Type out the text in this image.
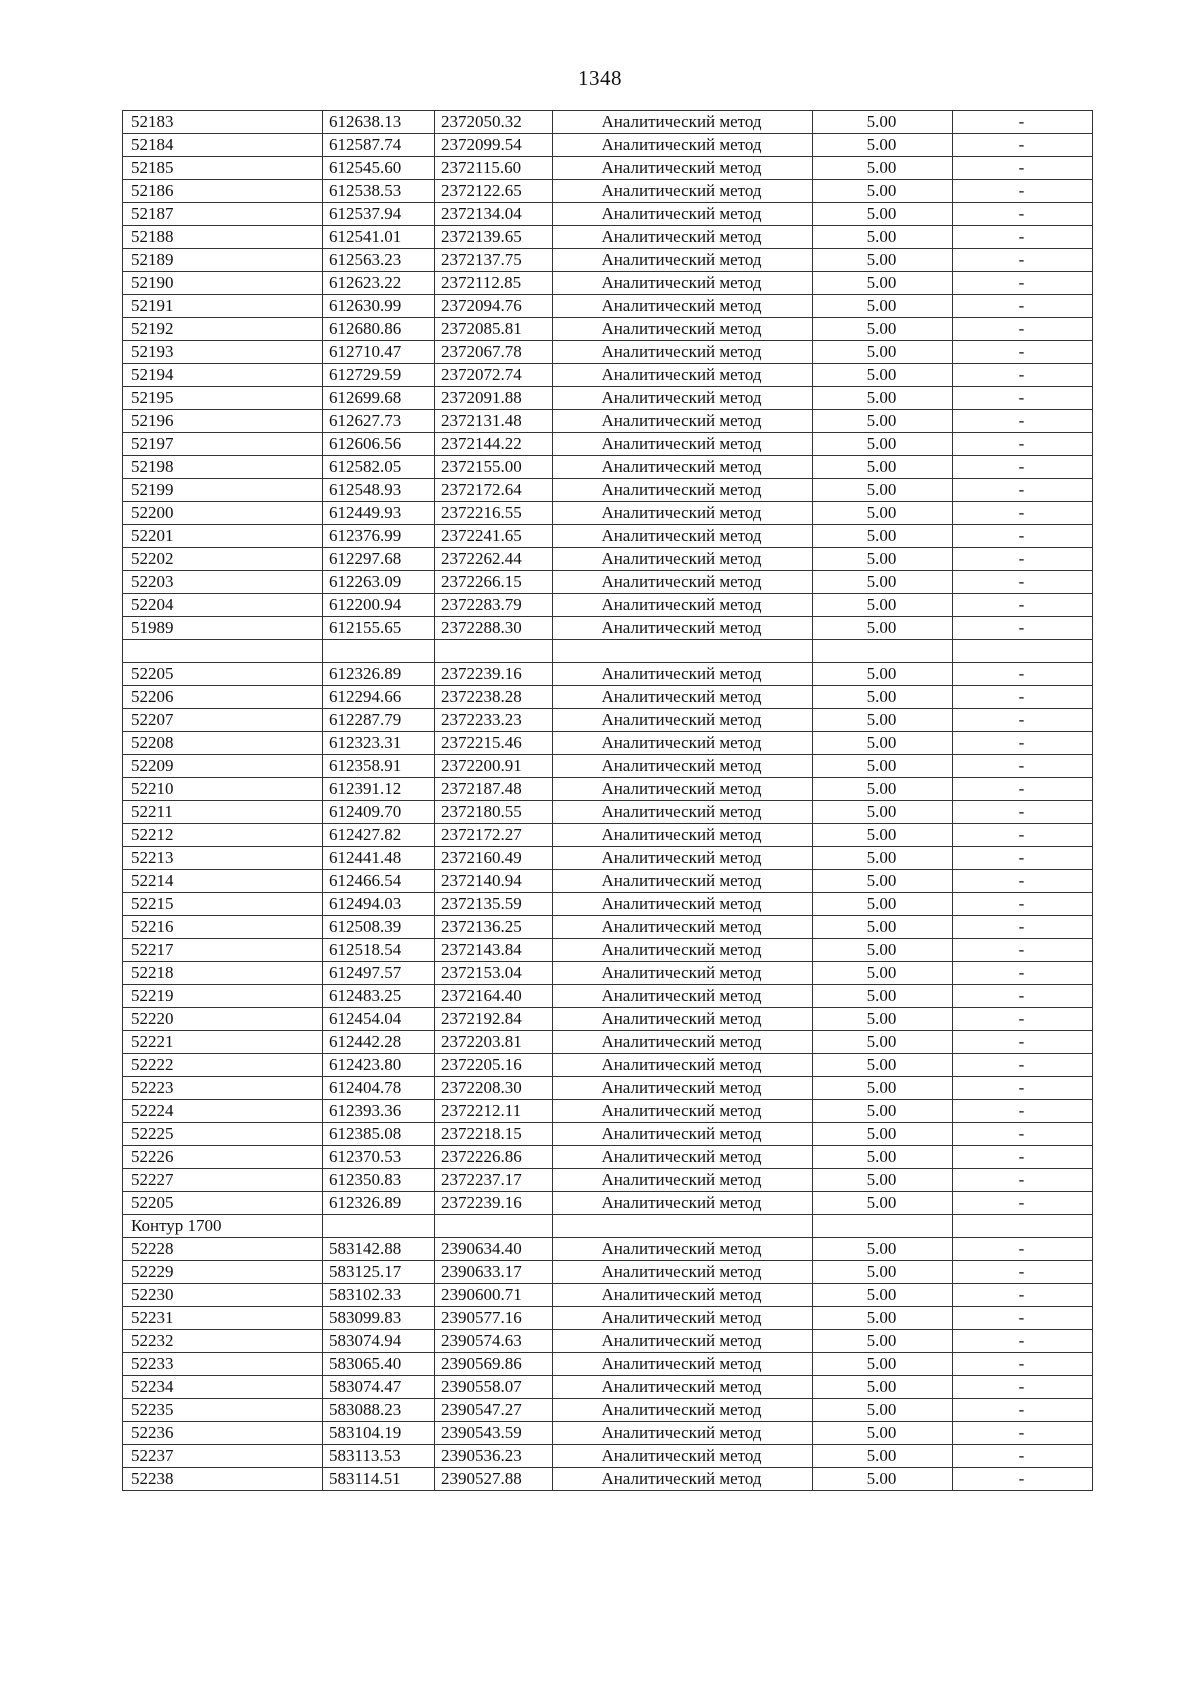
1348
52183	612638.13	2372050.32	Аналитический метод	5.00	-
52184	612587.74	2372099.54	Аналитический метод	5.00	-
52185	612545.60	2372115.60	Аналитический метод	5.00	-
52186	612538.53	2372122.65	Аналитический метод	5.00	-
52187	612537.94	2372134.04	Аналитический метод	5.00	-
52188	612541.01	2372139.65	Аналитический метод	5.00	-
52189	612563.23	2372137.75	Аналитический метод	5.00	-
52190	612623.22	2372112.85	Аналитический метод	5.00	-
52191	612630.99	2372094.76	Аналитический метод	5.00	-
52192	612680.86	2372085.81	Аналитический метод	5.00	-
52193	612710.47	2372067.78	Аналитический метод	5.00	-
52194	612729.59	2372072.74	Аналитический метод	5.00	-
52195	612699.68	2372091.88	Аналитический метод	5.00	-
52196	612627.73	2372131.48	Аналитический метод	5.00	-
52197	612606.56	2372144.22	Аналитический метод	5.00	-
52198	612582.05	2372155.00	Аналитический метод	5.00	-
52199	612548.93	2372172.64	Аналитический метод	5.00	-
52200	612449.93	2372216.55	Аналитический метод	5.00	-
52201	612376.99	2372241.65	Аналитический метод	5.00	-
52202	612297.68	2372262.44	Аналитический метод	5.00	-
52203	612263.09	2372266.15	Аналитический метод	5.00	-
52204	612200.94	2372283.79	Аналитический метод	5.00	-
51989	612155.65	2372288.30	Аналитический метод	5.00	-

52205	612326.89	2372239.16	Аналитический метод	5.00	-
52206	612294.66	2372238.28	Аналитический метод	5.00	-
52207	612287.79	2372233.23	Аналитический метод	5.00	-
52208	612323.31	2372215.46	Аналитический метод	5.00	-
52209	612358.91	2372200.91	Аналитический метод	5.00	-
52210	612391.12	2372187.48	Аналитический метод	5.00	-
52211	612409.70	2372180.55	Аналитический метод	5.00	-
52212	612427.82	2372172.27	Аналитический метод	5.00	-
52213	612441.48	2372160.49	Аналитический метод	5.00	-
52214	612466.54	2372140.94	Аналитический метод	5.00	-
52215	612494.03	2372135.59	Аналитический метод	5.00	-
52216	612508.39	2372136.25	Аналитический метод	5.00	-
52217	612518.54	2372143.84	Аналитический метод	5.00	-
52218	612497.57	2372153.04	Аналитический метод	5.00	-
52219	612483.25	2372164.40	Аналитический метод	5.00	-
52220	612454.04	2372192.84	Аналитический метод	5.00	-
52221	612442.28	2372203.81	Аналитический метод	5.00	-
52222	612423.80	2372205.16	Аналитический метод	5.00	-
52223	612404.78	2372208.30	Аналитический метод	5.00	-
52224	612393.36	2372212.11	Аналитический метод	5.00	-
52225	612385.08	2372218.15	Аналитический метод	5.00	-
52226	612370.53	2372226.86	Аналитический метод	5.00	-
52227	612350.83	2372237.17	Аналитический метод	5.00	-
52205	612326.89	2372239.16	Аналитический метод	5.00	-
Контур 1700					
52228	583142.88	2390634.40	Аналитический метод	5.00	-
52229	583125.17	2390633.17	Аналитический метод	5.00	-
52230	583102.33	2390600.71	Аналитический метод	5.00	-
52231	583099.83	2390577.16	Аналитический метод	5.00	-
52232	583074.94	2390574.63	Аналитический метод	5.00	-
52233	583065.40	2390569.86	Аналитический метод	5.00	-
52234	583074.47	2390558.07	Аналитический метод	5.00	-
52235	583088.23	2390547.27	Аналитический метод	5.00	-
52236	583104.19	2390543.59	Аналитический метод	5.00	-
52237	583113.53	2390536.23	Аналитический метод	5.00	-
52238	583114.51	2390527.88	Аналитический метод	5.00	-
